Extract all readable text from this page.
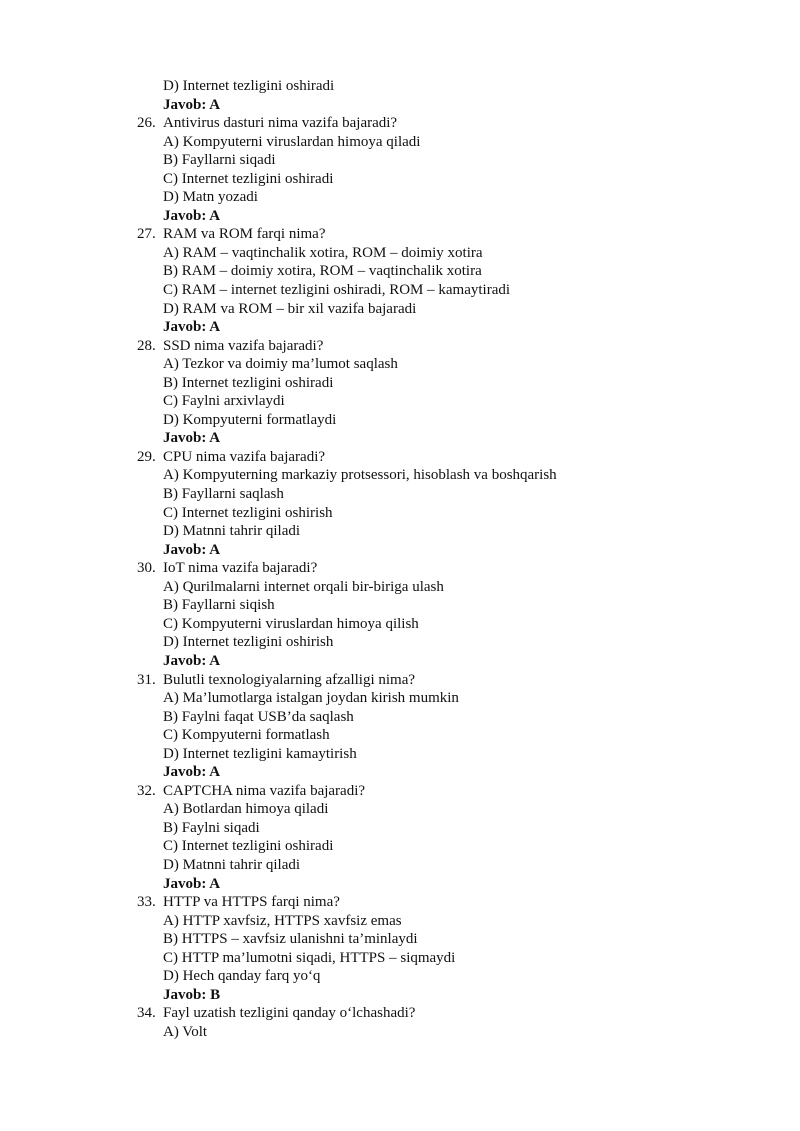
D) Internet tezligini oshiradi
Javob: A
26. Antivirus dasturi nima vazifa bajaradi?
A) Kompyuterni viruslardan himoya qiladi
B) Fayllarni siqadi
C) Internet tezligini oshiradi
D) Matn yozadi
Javob: A
27. RAM va ROM farqi nima?
A) RAM – vaqtinchalik xotira, ROM – doimiy xotira
B) RAM – doimiy xotira, ROM – vaqtinchalik xotira
C) RAM – internet tezligini oshiradi, ROM – kamaytiradi
D) RAM va ROM – bir xil vazifa bajaradi
Javob: A
28. SSD nima vazifa bajaradi?
A) Tezkor va doimiy ma’lumot saqlash
B) Internet tezligini oshiradi
C) Faylni arxivlaydi
D) Kompyuterni formatlaydi
Javob: A
29. CPU nima vazifa bajaradi?
A) Kompyuterning markaziy protsessori, hisoblash va boshqarish
B) Fayllarni saqlash
C) Internet tezligini oshirish
D) Matnni tahrir qiladi
Javob: A
30. IoT nima vazifa bajaradi?
A) Qurilmalarni internet orqali bir-biriga ulash
B) Fayllarni siqish
C) Kompyuterni viruslardan himoya qilish
D) Internet tezligini oshirish
Javob: A
31. Bulutli texnologiyalarning afzalligi nima?
A) Ma’lumotlarga istalgan joydan kirish mumkin
B) Faylni faqat USB’da saqlash
C) Kompyuterni formatlash
D) Internet tezligini kamaytirish
Javob: A
32. CAPTCHA nima vazifa bajaradi?
A) Botlardan himoya qiladi
B) Faylni siqadi
C) Internet tezligini oshiradi
D) Matnni tahrir qiladi
Javob: A
33. HTTP va HTTPS farqi nima?
A) HTTP xavfsiz, HTTPS xavfsiz emas
B) HTTPS – xavfsiz ulanishni ta’minlaydi
C) HTTP ma’lumotni siqadi, HTTPS – siqmaydi
D) Hech qanday farq yo‘q
Javob: B
34. Fayl uzatish tezligini qanday o‘lchashadi?
A) Volt
